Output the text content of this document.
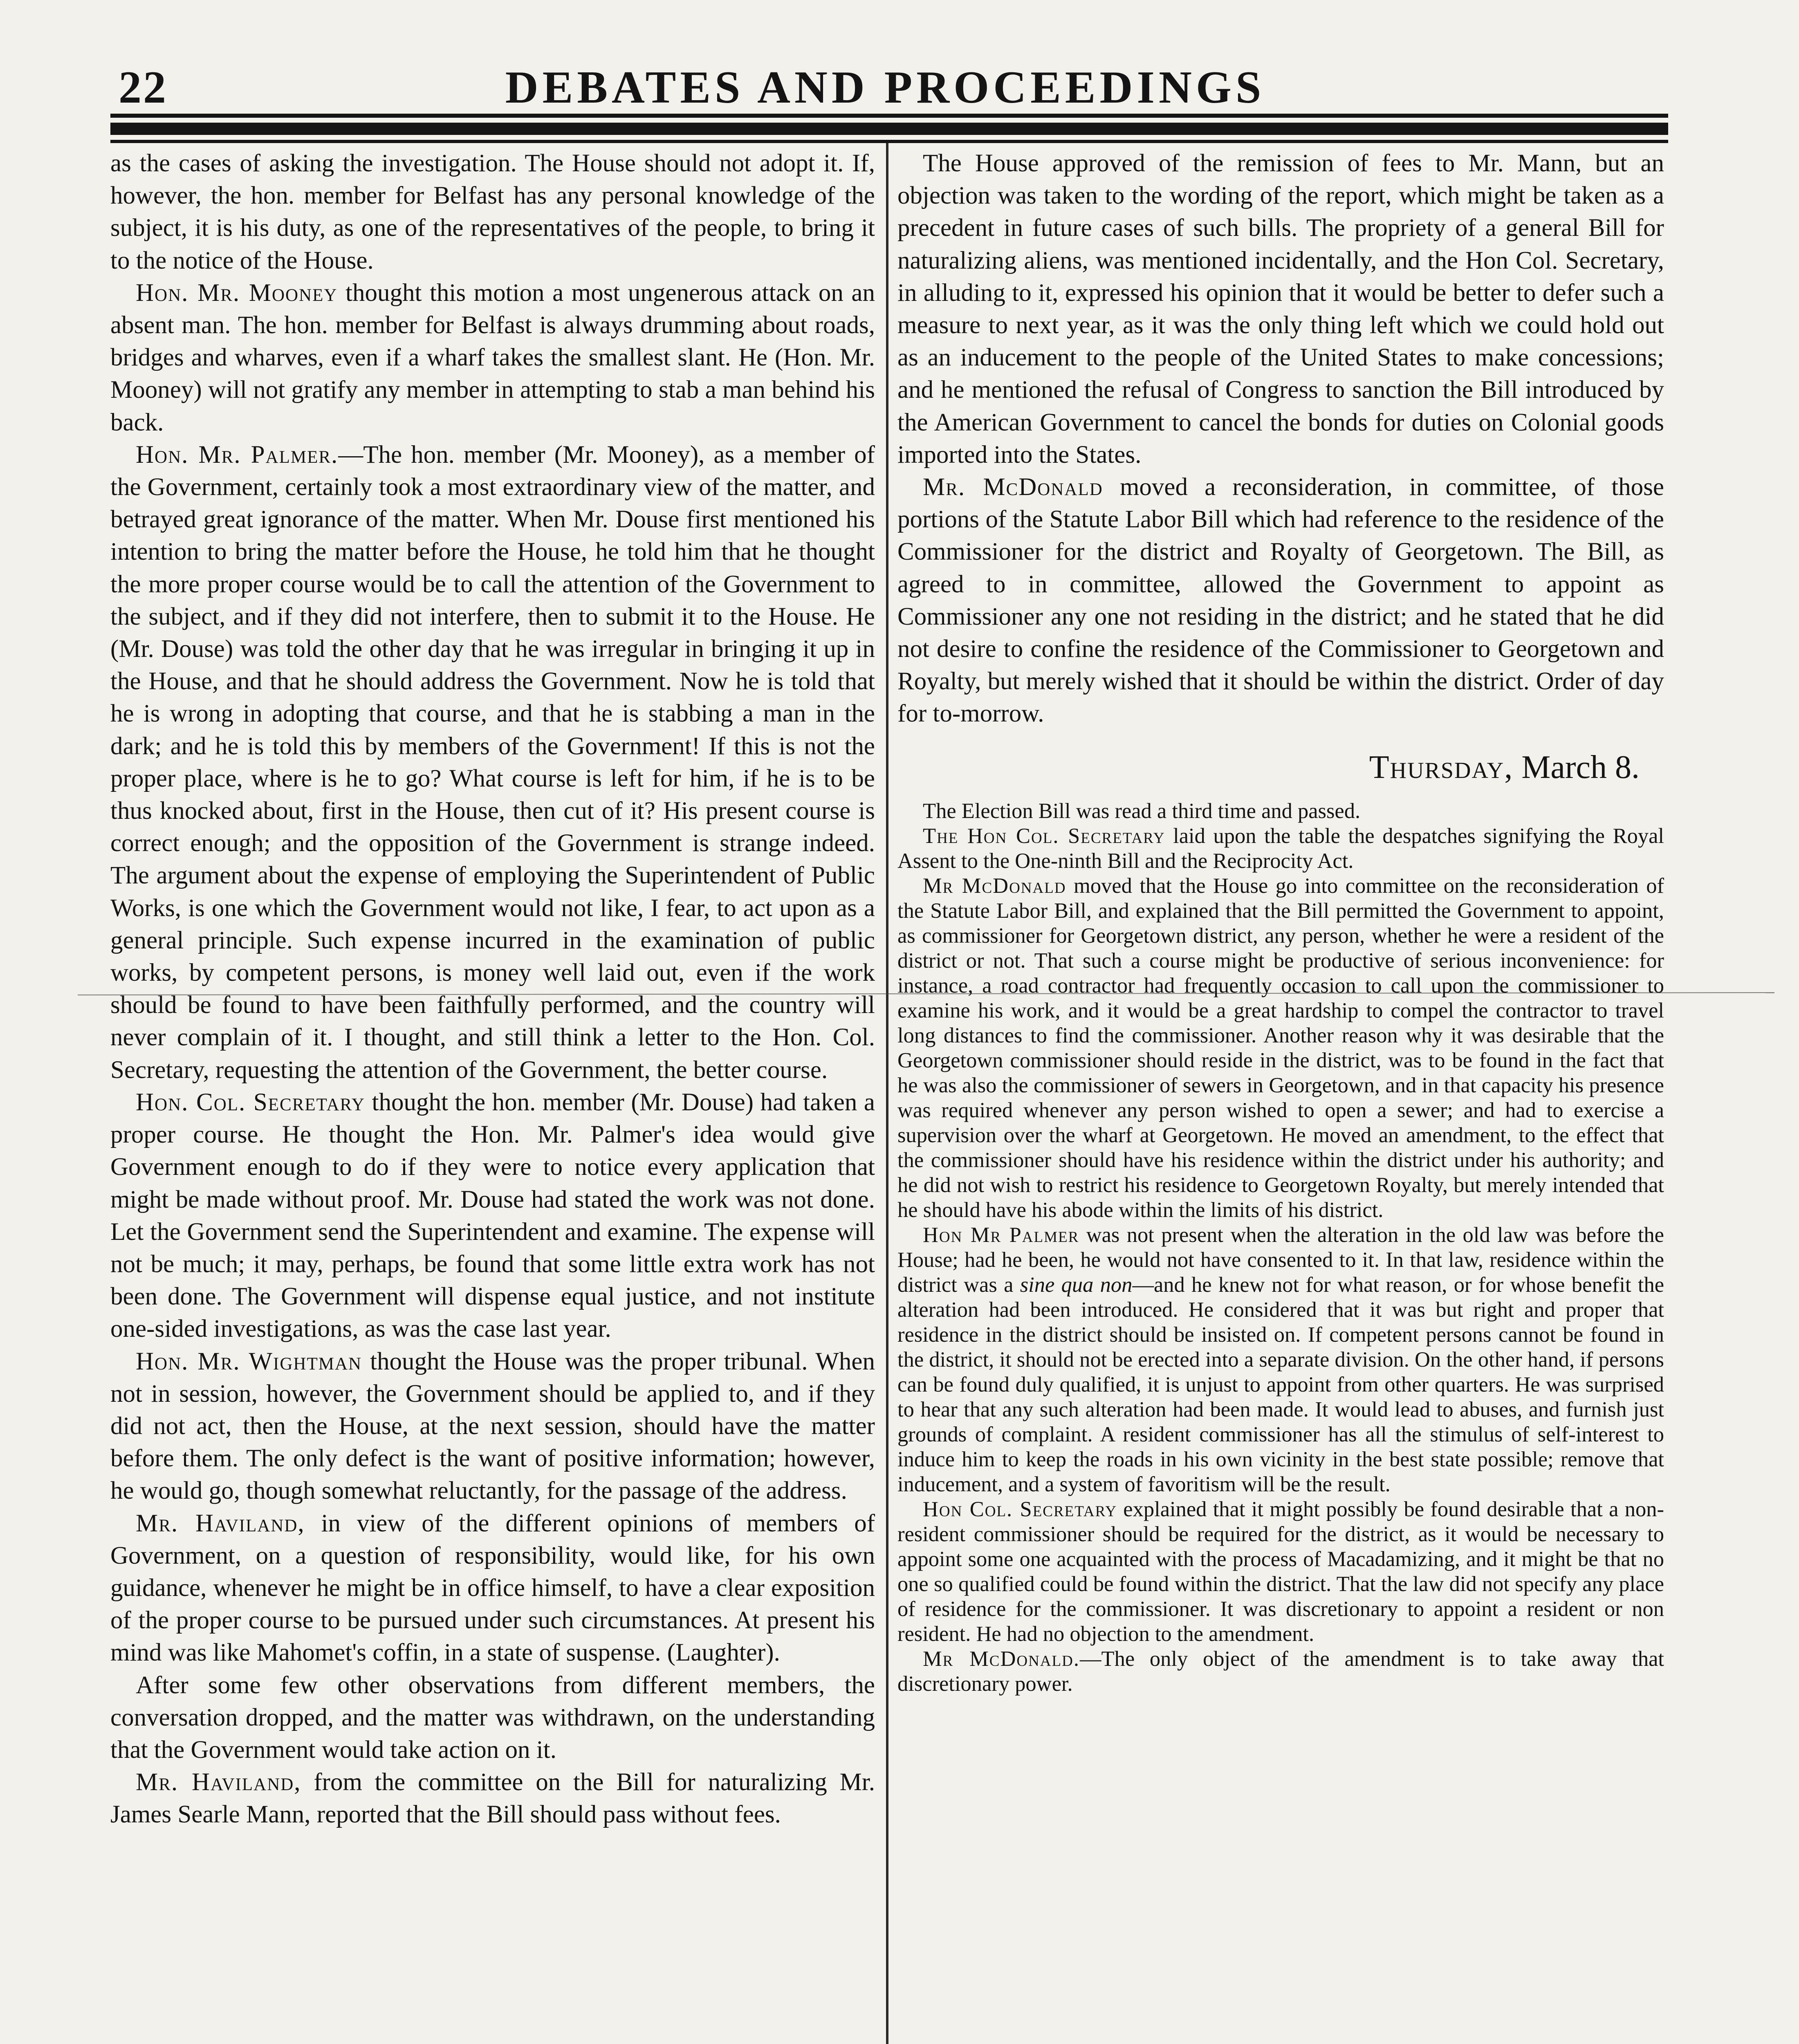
22	DEBATES AND PROCEEDINGS

as the cases of asking the investigation. The House should not adopt it. If, however, the hon. member for Belfast has any personal knowledge of the subject, it is his duty, as one of the representatives of the people, to bring it to the notice of the House.

Hon. Mr. Mooney thought this motion a most ungenerous attack on an absent man. The hon. member for Belfast is always drumming about roads, bridges and wharves, even if a wharf takes the smallest slant. He (Hon. Mr. Mooney) will not gratify any member in attempting to stab a man behind his back.

Hon. Mr. Palmer.—The hon. member (Mr. Mooney), as a member of the Government, certainly took a most extraordinary view of the matter, and betrayed great ignorance of the matter. When Mr. Douse first mentioned his intention to bring the matter before the House, he told him that he thought the more proper course would be to call the attention of the Government to the subject, and if they did not interfere, then to submit it to the House. He (Mr. Douse) was told the other day that he was irregular in bringing it up in the House, and that he should address the Government. Now he is told that he is wrong in adopting that course, and that he is stabbing a man in the dark; and he is told this by members of the Government! If this is not the proper place, where is he to go? What course is left for him, if he is to be thus knocked about, first in the House, then cut of it? His present course is correct enough; and the opposition of the Government is strange indeed. The argument about the expense of employing the Superintendent of Public Works, is one which the Government would not like, I fear, to act upon as a general principle. Such expense incurred in the examination of public works, by competent persons, is money well laid out, even if the work should be found to have been faithfully performed, and the country will never complain of it. I thought, and still think a letter to the Hon. Col. Secretary, requesting the attention of the Government, the better course.

Hon. Col. Secretary thought the hon. member (Mr. Douse) had taken a proper course. He thought the Hon. Mr. Palmer's idea would give Government enough to do if they were to notice every application that might be made without proof. Mr. Douse had stated the work was not done. Let the Government send the Superintendent and examine. The expense will not be much; it may, perhaps, be found that some little extra work has not been done. The Government will dispense equal justice, and not institute one-sided investigations, as was the case last year.

Hon. Mr. Wightman thought the House was the proper tribunal. When not in session, however, the Government should be applied to, and if they did not act, then the House, at the next session, should have the matter before them. The only defect is the want of positive information; however, he would go, though somewhat reluctantly, for the passage of the address.

Mr. Haviland, in view of the different opinions of members of Government, on a question of responsibility, would like, for his own guidance, whenever he might be in office himself, to have a clear exposition of the proper course to be pursued under such circumstances. At present his mind was like Mahomet's coffin, in a state of suspense. (Laughter).

After some few other observations from different members, the conversation dropped, and the matter was withdrawn, on the understanding that the Government would take action on it.

Mr. Haviland, from the committee on the Bill for naturalizing Mr. James Searle Mann, reported that the Bill should pass without fees.

The House approved of the remission of fees to Mr. Mann, but an objection was taken to the wording of the report, which might be taken as a precedent in future cases of such bills. The propriety of a general Bill for naturalizing aliens, was mentioned incidentally, and the Hon Col. Secretary, in alluding to it, expressed his opinion that it would be better to defer such a measure to next year, as it was the only thing left which we could hold out as an inducement to the people of the United States to make concessions; and he mentioned the refusal of Congress to sanction the Bill introduced by the American Government to cancel the bonds for duties on Colonial goods imported into the States.

Mr. McDonald moved a reconsideration, in committee, of those portions of the Statute Labor Bill which had reference to the residence of the Commissioner for the district and Royalty of Georgetown. The Bill, as agreed to in committee, allowed the Government to appoint as Commissioner any one not residing in the district; and he stated that he did not desire to confine the residence of the Commissioner to Georgetown and Royalty, but merely wished that it should be within the district. Order of day for to-morrow.

Thursday, March 8.

The Election Bill was read a third time and passed.

The Hon Col. Secretary laid upon the table the despatches signifying the Royal Assent to the One-ninth Bill and the Reciprocity Act.

Mr McDonald moved that the House go into committee on the reconsideration of the Statute Labor Bill, and explained that the Bill permitted the Government to appoint, as commissioner for Georgetown district, any person, whether he were a resident of the district or not. That such a course might be productive of serious inconvenience: for instance, a road contractor had frequently occasion to call upon the commissioner to examine his work, and it would be a great hardship to compel the contractor to travel long distances to find the commissioner. Another reason why it was desirable that the Georgetown commissioner should reside in the district, was to be found in the fact that he was also the commissioner of sewers in Georgetown, and in that capacity his presence was required whenever any person wished to open a sewer; and had to exercise a supervision over the wharf at Georgetown. He moved an amendment, to the effect that the commissioner should have his residence within the district under his authority; and he did not wish to restrict his residence to Georgetown Royalty, but merely intended that he should have his abode within the limits of his district.

Hon Mr Palmer was not present when the alteration in the old law was before the House; had he been, he would not have consented to it. In that law, residence within the district was a sine qua non—and he knew not for what reason, or for whose benefit the alteration had been introduced. He considered that it was but right and proper that residence in the district should be insisted on. If competent persons cannot be found in the district, it should not be erected into a separate division. On the other hand, if persons can be found duly qualified, it is unjust to appoint from other quarters. He was surprised to hear that any such alteration had been made. It would lead to abuses, and furnish just grounds of complaint. A resident commissioner has all the stimulus of self-interest to induce him to keep the roads in his own vicinity in the best state possible; remove that inducement, and a system of favoritism will be the result.

Hon Col. Secretary explained that it might possibly be found desirable that a non-resident commissioner should be required for the district, as it would be necessary to appoint some one acquainted with the process of Macadamizing, and it might be that no one so qualified could be found within the district. That the law did not specify any place of residence for the commissioner. It was discretionary to appoint a resident or non resident. He had no objection to the amendment.

Mr McDonald.—The only object of the amendment is to take away that discretionary power.
